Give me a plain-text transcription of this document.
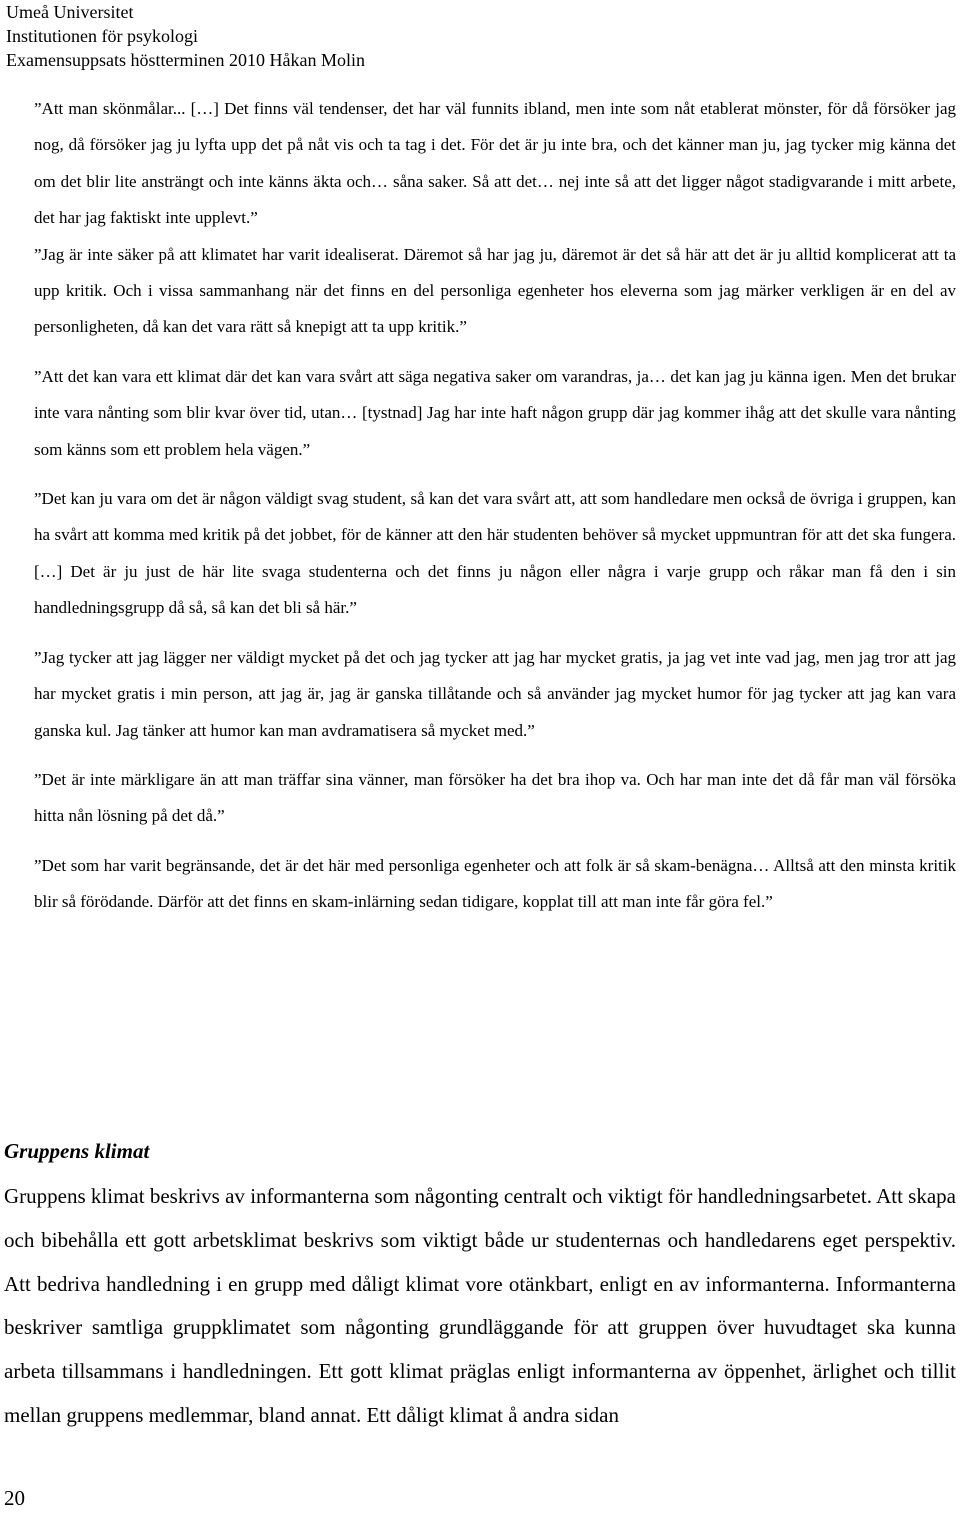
Umeå Universitet
Institutionen för psykologi
Examensuppsats höstterminen 2010 Håkan Molin

”Att man skönmålar... […] Det finns väl tendenser, det har väl funnits ibland, men inte som nåt etablerat mönster, för då försöker jag nog, då försöker jag ju lyfta upp det på nåt vis och ta tag i det. För det är ju inte bra, och det känner man ju, jag tycker mig känna det om det blir lite ansträngt och inte känns äkta och… såna saker. Så att det… nej inte så att det ligger något stadigvarande i mitt arbete, det har jag faktiskt inte upplevt.”

”Jag är inte säker på att klimatet har varit idealiserat. Däremot så har jag ju, däremot är det så här att det är ju alltid komplicerat att ta upp kritik. Och i vissa sammanhang när det finns en del personliga egenheter hos eleverna som jag märker verkligen är en del av personligheten, då kan det vara rätt så knepigt att ta upp kritik.”

”Att det kan vara ett klimat där det kan vara svårt att säga negativa saker om varandras, ja… det kan jag ju känna igen. Men det brukar inte vara nånting som blir kvar över tid, utan… [tystnad] Jag har inte haft någon grupp där jag kommer ihåg att det skulle vara nånting som känns som ett problem hela vägen.”

”Det kan ju vara om det är någon väldigt svag student, så kan det vara svårt att, att som handledare men också de övriga i gruppen, kan ha svårt att komma med kritik på det jobbet, för de känner att den här studenten behöver så mycket uppmuntran för att det ska fungera. […] Det är ju just de här lite svaga studenterna och det finns ju någon eller några i varje grupp och råkar man få den i sin handledningsgrupp då så, så kan det bli så här.”

”Jag tycker att jag lägger ner väldigt mycket på det och jag tycker att jag har mycket gratis, ja jag vet inte vad jag, men jag tror att jag har mycket gratis i min person, att jag är, jag är ganska tillåtande och så använder jag mycket humor för jag tycker att jag kan vara ganska kul. Jag tänker att humor kan man avdramatisera så mycket med.”

”Det är inte märkligare än att man träffar sina vänner, man försöker ha det bra ihop va. Och har man inte det då får man väl försöka hitta nån lösning på det då.”

”Det som har varit begränsande, det är det här med personliga egenheter och att folk är så skam-benägna… Alltså att den minsta kritik blir så förödande. Därför att det finns en skam-inlärning sedan tidigare, kopplat till att man inte får göra fel.”

Gruppens klimat

Gruppens klimat beskrivs av informanterna som någonting centralt och viktigt för handledningsarbetet. Att skapa och bibehålla ett gott arbetsklimat beskrivs som viktigt både ur studenternas och handledarens eget perspektiv. Att bedriva handledning i en grupp med dåligt klimat vore otänkbart, enligt en av informanterna. Informanterna beskriver samtliga gruppklimatet som någonting grundläggande för att gruppen över huvudtaget ska kunna arbeta tillsammans i handledningen. Ett gott klimat präglas enligt informanterna av öppenhet, ärlighet och tillit mellan gruppens medlemmar, bland annat. Ett dåligt klimat å andra sidan

20
